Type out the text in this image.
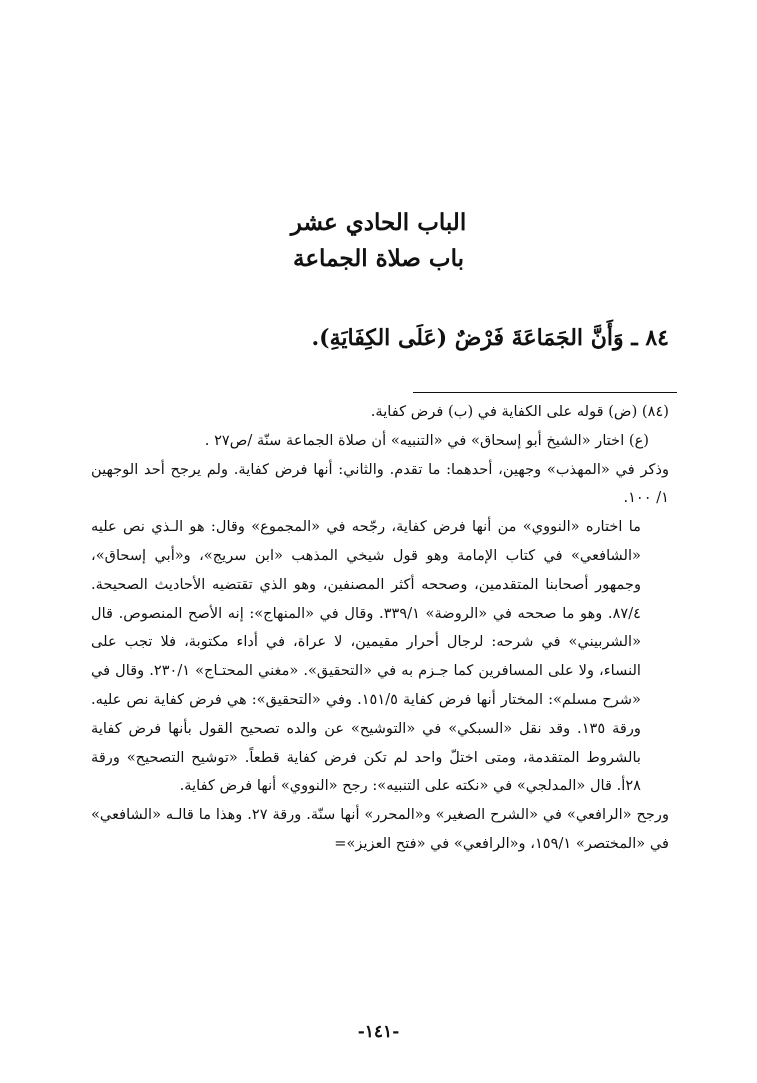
الباب الحادي عشر
باب صلاة الجماعة
٨٤ ـ وَأَنَّ الجَمَاعَةَ فَرْضٌ (عَلَى الكِفَايَةِ).

(٨٤) (ض) قوله على الكفاية في (ب) فرض كفاية.

(ع) اختار «الشيخ أبو إسحاق» في «التنبيه» أن صلاة الجماعة سنّة /ص٢٧ .

وذكر في «المهذب» وجهين، أحدهما: ما تقدم. والثاني: أنها فرض كفاية. ولم يرجح أحد الوجهين ١/ ١٠٠.

ما اختاره «النووي» من أنها فرض كفاية، رجّحه في «المجموع» وقال: هو الـذي نص عليه «الشافعي» في كتاب الإمامة وهو قول شيخي المذهب «ابن سريج»، و«أبي إسحاق»، وجمهور أصحابنا المتقدمين، وصححه أكثر المصنفين، وهو الذي تقتضيه الأحاديث الصحيحة. ٨٧/٤. وهو ما صححه في «الروضة» ٣٣٩/١. وقال في «المنهاج»: إنه الأصح المنصوص. قال «الشربيني» في شرحه: لرجال أحرار مقيمين، لا عراة، في أداء مكتوبة، فلا تجب على النساء، ولا على المسافرين كما جـزم به في «التحقيق». «مغني المحتـاج» ٢٣٠/١. وقال في «شرح مسلم»: المختار أنها فرض كفاية ١٥١/٥. وفي «التحقيق»: هي فرض كفاية نص عليه. ورقة ١٣٥. وقد نقل «السبكي» في «التوشيح» عن والده تصحيح القول بأنها فرض كفاية بالشروط المتقدمة، ومتى اختلّ واحد لم تكن فرض كفاية قطعاً. «توشيح التصحيح» ورقة ٢٨أ. قال «المدلجي» في «نكته على التنبيه»: رجح «النووي» أنها فرض كفاية.

ورجح «الرافعي» في «الشرح الصغير» و«المحرر» أنها سنّة. ورقة ٢٧. وهذا ما قالـه «الشافعي» في «المختصر» ١٥٩/١، و«الرافعي» في «فتح العزيز»=

-١٤١-
